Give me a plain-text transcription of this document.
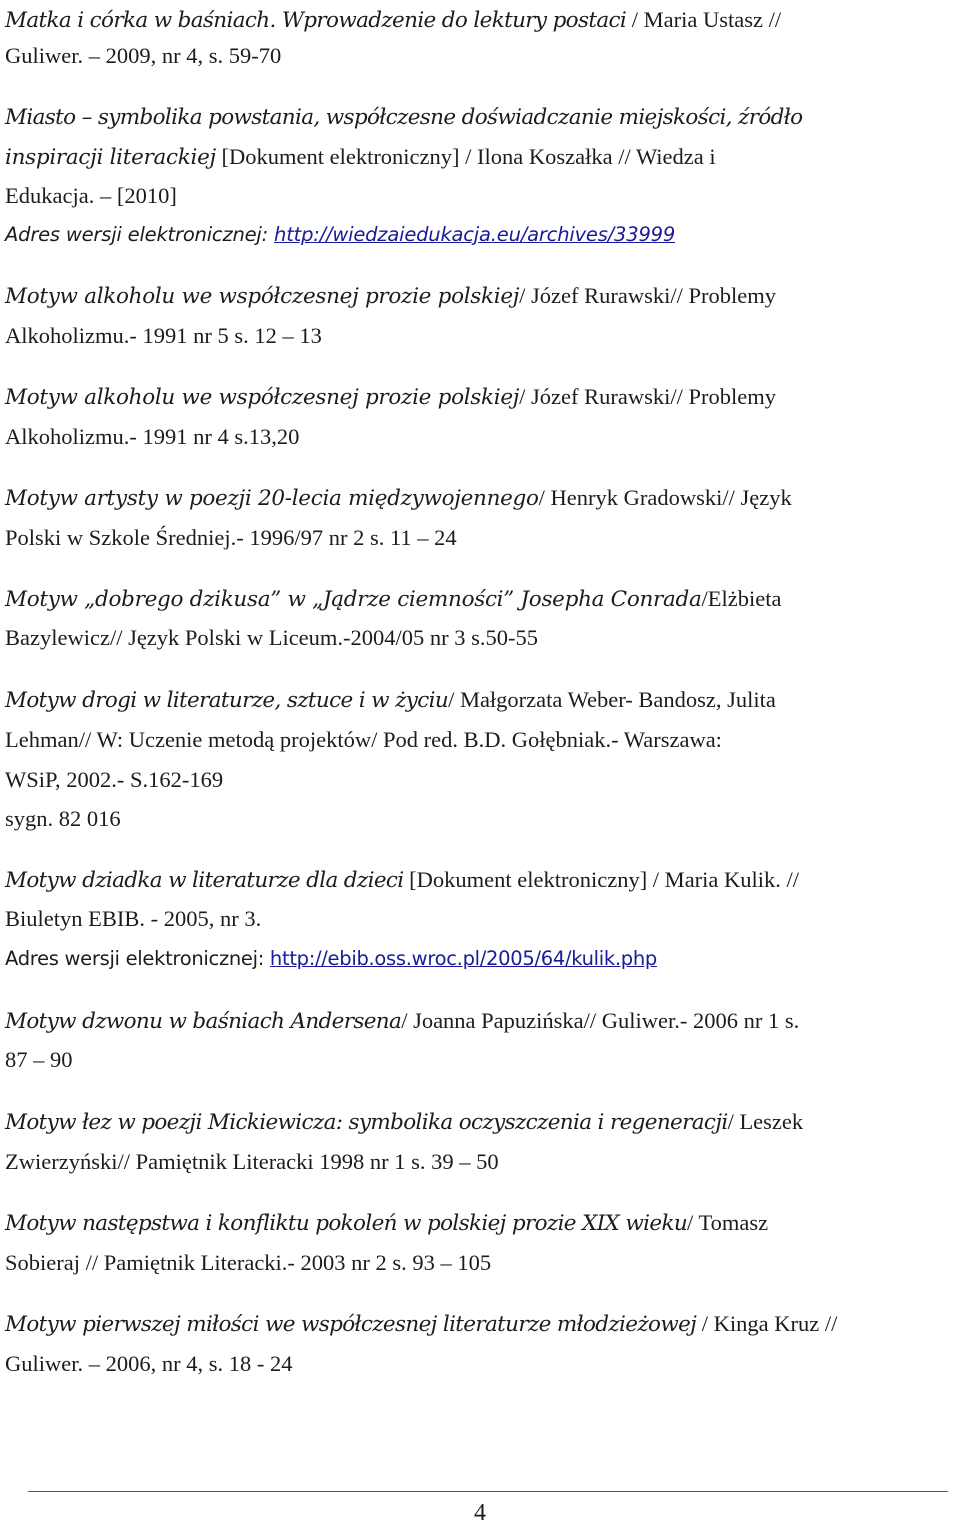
Matka i córka w baśniach. Wprowadzenie do lektury postaci / Maria Ustasz //
Guliwer. – 2009, nr 4, s. 59-70
Miasto – symbolika powstania, współczesne doświadczanie miejskości, źródło
inspiracji literackiej [Dokument elektroniczny] / Ilona Koszałka // Wiedza i
Edukacja. – [2010]
Adres wersji elektronicznej: http://wiedzaiedukacja.eu/archives/33999
Motyw alkoholu we współczesnej prozie polskiej/ Józef Rurawski// Problemy
Alkoholizmu.- 1991 nr 5 s. 12 – 13
Motyw alkoholu we współczesnej prozie polskiej/ Józef Rurawski// Problemy
Alkoholizmu.- 1991 nr 4 s.13,20
Motyw artysty w poezji 20-lecia międzywojennego/ Henryk Gradowski// Język
Polski w Szkole Średniej.- 1996/97 nr 2 s. 11 – 24
Motyw „dobrego dzikusa” w „Jądrze ciemności” Josepha Conrada/Elżbieta
Bazylewicz// Język Polski w Liceum.-2004/05 nr 3 s.50-55
Motyw drogi w literaturze, sztuce i w życiu/ Małgorzata Weber- Bandosz, Julita
Lehman// W: Uczenie metodą projektów/ Pod red. B.D. Gołębniak.- Warszawa:
WSiP, 2002.- S.162-169
sygn. 82 016
Motyw dziadka w literaturze dla dzieci [Dokument elektroniczny] / Maria Kulik. //
Biuletyn EBIB. - 2005, nr 3.
Adres wersji elektronicznej: http://ebib.oss.wroc.pl/2005/64/kulik.php
Motyw dzwonu w baśniach Andersena/ Joanna Papuzińska// Guliwer.- 2006 nr 1 s.
87 – 90
Motyw łez w poezji Mickiewicza: symbolika oczyszczenia i regeneracji/ Leszek
Zwierzyński// Pamiętnik Literacki 1998 nr 1 s. 39 – 50
Motyw następstwa i konfliktu pokoleń w polskiej prozie XIX wieku/ Tomasz
Sobieraj // Pamiętnik Literacki.- 2003 nr 2 s. 93 – 105
Motyw pierwszej miłości we współczesnej literaturze młodzieżowej / Kinga Kruz //
Guliwer. – 2006, nr 4, s. 18 - 24
4
